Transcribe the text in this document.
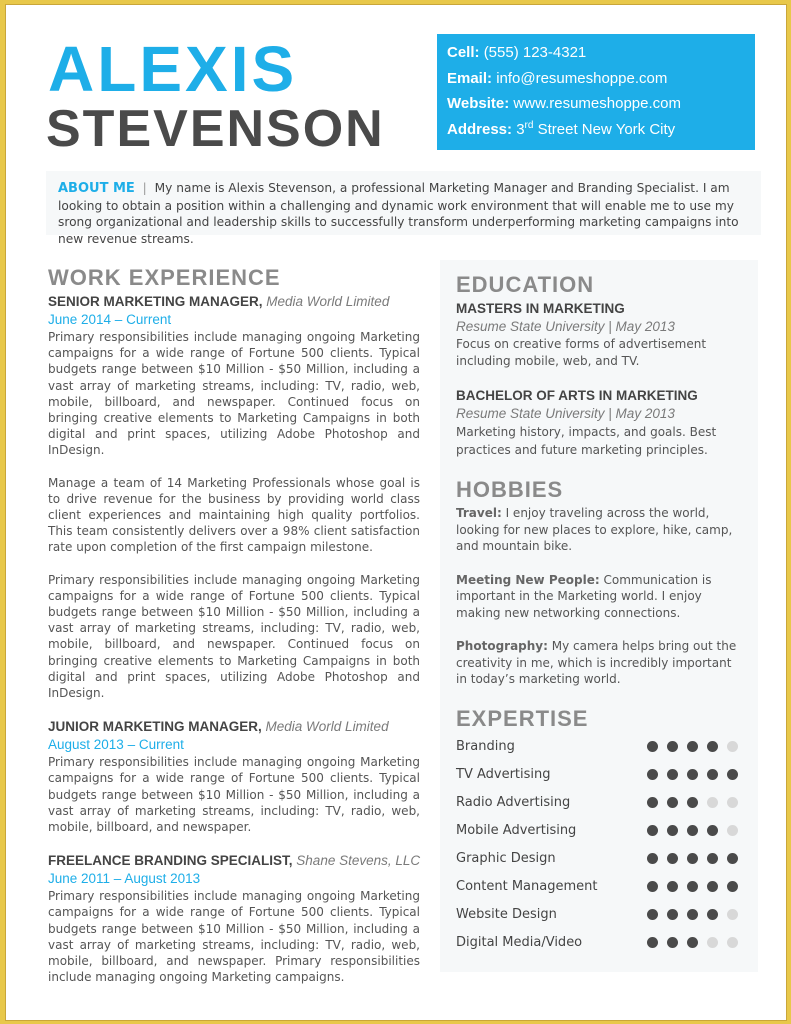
ALEXIS
STEVENSON
Cell: (555) 123-4321
Email: info@resumeshoppe.com
Website: www.resumeshoppe.com
Address: 3rd Street New York City
ABOUT ME | My name is Alexis Stevenson, a professional Marketing Manager and Branding Specialist. I am looking to obtain a position within a challenging and dynamic work environment that will enable me to use my srong organizational and leadership skills to successfully transform underperforming marketing campaigns into new revenue streams.
WORK EXPERIENCE
SENIOR MARKETING MANAGER, Media World Limited
June 2014 – Current

Primary responsibilities include managing ongoing Marketing campaigns for a wide range of Fortune 500 clients. Typical budgets range between $10 Million - $50 Million, including a vast array of marketing streams, including: TV, radio, web, mobile, billboard, and newspaper. Continued focus on bringing creative elements to Marketing Campaigns in both digital and print spaces, utilizing Adobe Photoshop and InDesign.

Manage a team of 14 Marketing Professionals whose goal is to drive revenue for the business by providing world class client experiences and maintaining high quality portfolios. This team consistently delivers over a 98% client satisfaction rate upon completion of the first campaign milestone.

Primary responsibilities include managing ongoing Marketing campaigns for a wide range of Fortune 500 clients. Typical budgets range between $10 Million - $50 Million, including a vast array of marketing streams, including: TV, radio, web, mobile, billboard, and newspaper. Continued focus on bringing creative elements to Marketing Campaigns in both digital and print spaces, utilizing Adobe Photoshop and InDesign.

JUNIOR MARKETING MANAGER, Media World Limited
August 2013 – Current

Primary responsibilities include managing ongoing Marketing campaigns for a wide range of Fortune 500 clients. Typical budgets range between $10 Million - $50 Million, including a vast array of marketing streams, including: TV, radio, web, mobile, billboard, and newspaper.

FREELANCE BRANDING SPECIALIST, Shane Stevens, LLC
June 2011 – August 2013

Primary responsibilities include managing ongoing Marketing campaigns for a wide range of Fortune 500 clients. Typical budgets range between $10 Million - $50 Million, including a vast array of marketing streams, including: TV, radio, web, mobile, billboard, and newspaper. Primary responsibilities include managing ongoing Marketing campaigns.

EDUCATION
MASTERS IN MARKETING
Resume State University | May 2013

Focus on creative forms of advertisement including mobile, web, and TV.

BACHELOR OF ARTS IN MARKETING
Resume State University | May 2013

Marketing history, impacts, and goals. Best practices and future marketing principles.

HOBBIES

Travel: I enjoy traveling across the world, looking for new places to explore, hike, camp, and mountain bike.

Meeting New People: Communication is important in the Marketing world. I enjoy making new networking connections.

Photography: My camera helps bring out the creativity in me, which is incredibly important in today’s marketing world.

EXPERTISE
Branding
TV Advertising
Radio Advertising
Mobile Advertising
Graphic Design
Content Management
Website Design
Digital Media/Video
